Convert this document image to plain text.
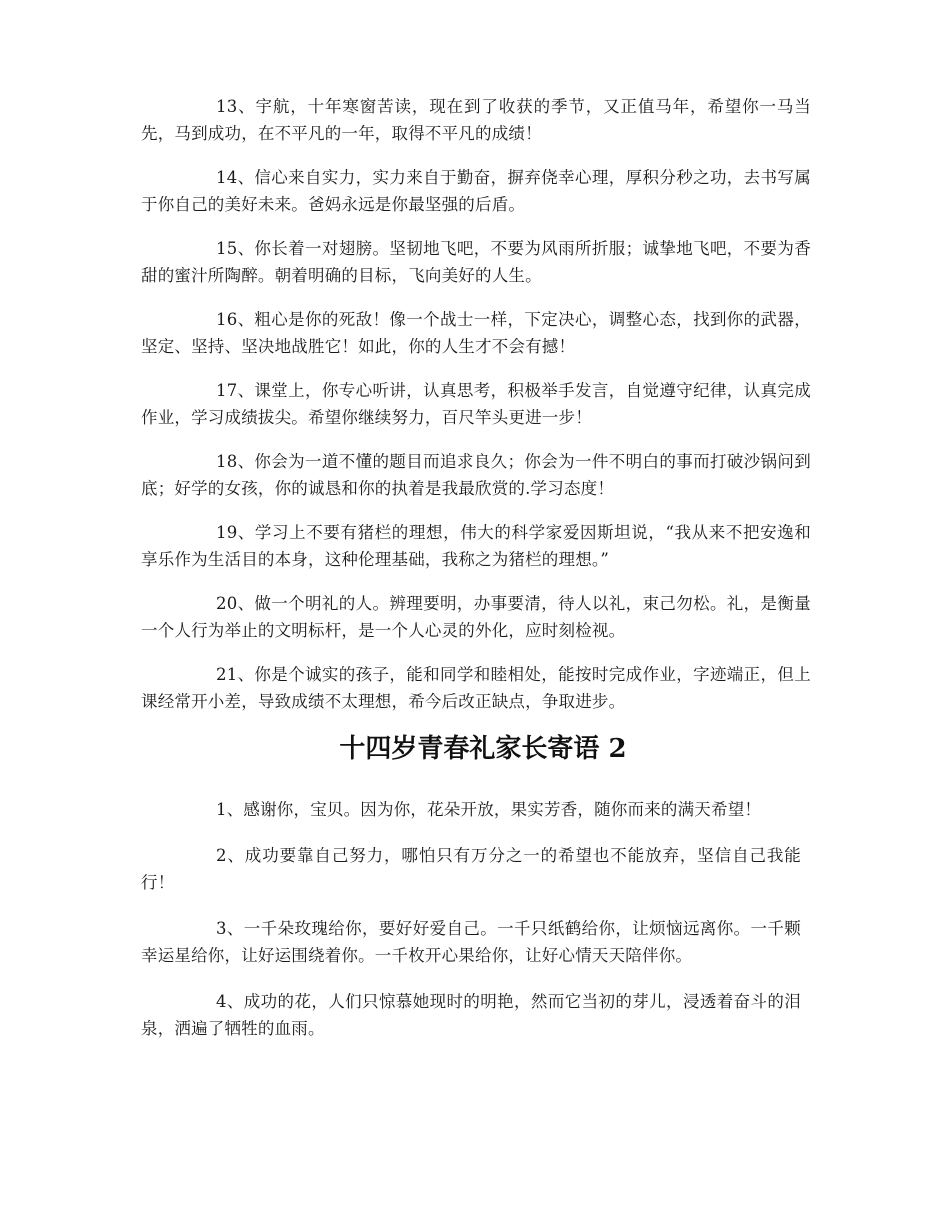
13、宇航，十年寒窗苦读，现在到了收获的季节，又正值马年，希望你一马当先，马到成功，在不平凡的一年，取得不平凡的成绩！

14、信心来自实力，实力来自于勤奋，摒弃侥幸心理，厚积分秒之功，去书写属于你自己的美好未来。爸妈永远是你最坚强的后盾。

15、你长着一对翅膀。坚韧地飞吧，不要为风雨所折服；诚挚地飞吧，不要为香甜的蜜汁所陶醉。朝着明确的目标，飞向美好的人生。

16、粗心是你的死敌！像一个战士一样，下定决心，调整心态，找到你的武器，坚定、坚持、坚决地战胜它！如此，你的人生才不会有撼！

17、课堂上，你专心听讲，认真思考，积极举手发言，自觉遵守纪律，认真完成作业，学习成绩拔尖。希望你继续努力，百尺竿头更进一步！

18、你会为一道不懂的题目而追求良久；你会为一件不明白的事而打破沙锅问到底；好学的女孩，你的诚恳和你的执着是我最欣赏的.学习态度！

19、学习上不要有猪栏的理想，伟大的科学家爱因斯坦说，“我从来不把安逸和享乐作为生活目的本身，这种伦理基础，我称之为猪栏的理想。”

20、做一个明礼的人。辨理要明，办事要清，待人以礼，束己勿松。礼，是衡量一个人行为举止的文明标杆，是一个人心灵的外化，应时刻检视。

21、你是个诚实的孩子，能和同学和睦相处，能按时完成作业，字迹端正，但上课经常开小差，导致成绩不太理想，希今后改正缺点，争取进步。

十四岁青春礼家长寄语 2

1、感谢你，宝贝。因为你，花朵开放，果实芳香，随你而来的满天希望！

2、成功要靠自己努力，哪怕只有万分之一的希望也不能放弃，坚信自己我能行！

3、一千朵玫瑰给你，要好好爱自己。一千只纸鹤给你，让烦恼远离你。一千颗幸运星给你，让好运围绕着你。一千枚开心果给你，让好心情天天陪伴你。

4、成功的花，人们只惊慕她现时的明艳，然而它当初的芽儿，浸透着奋斗的泪泉，洒遍了牺牲的血雨。
